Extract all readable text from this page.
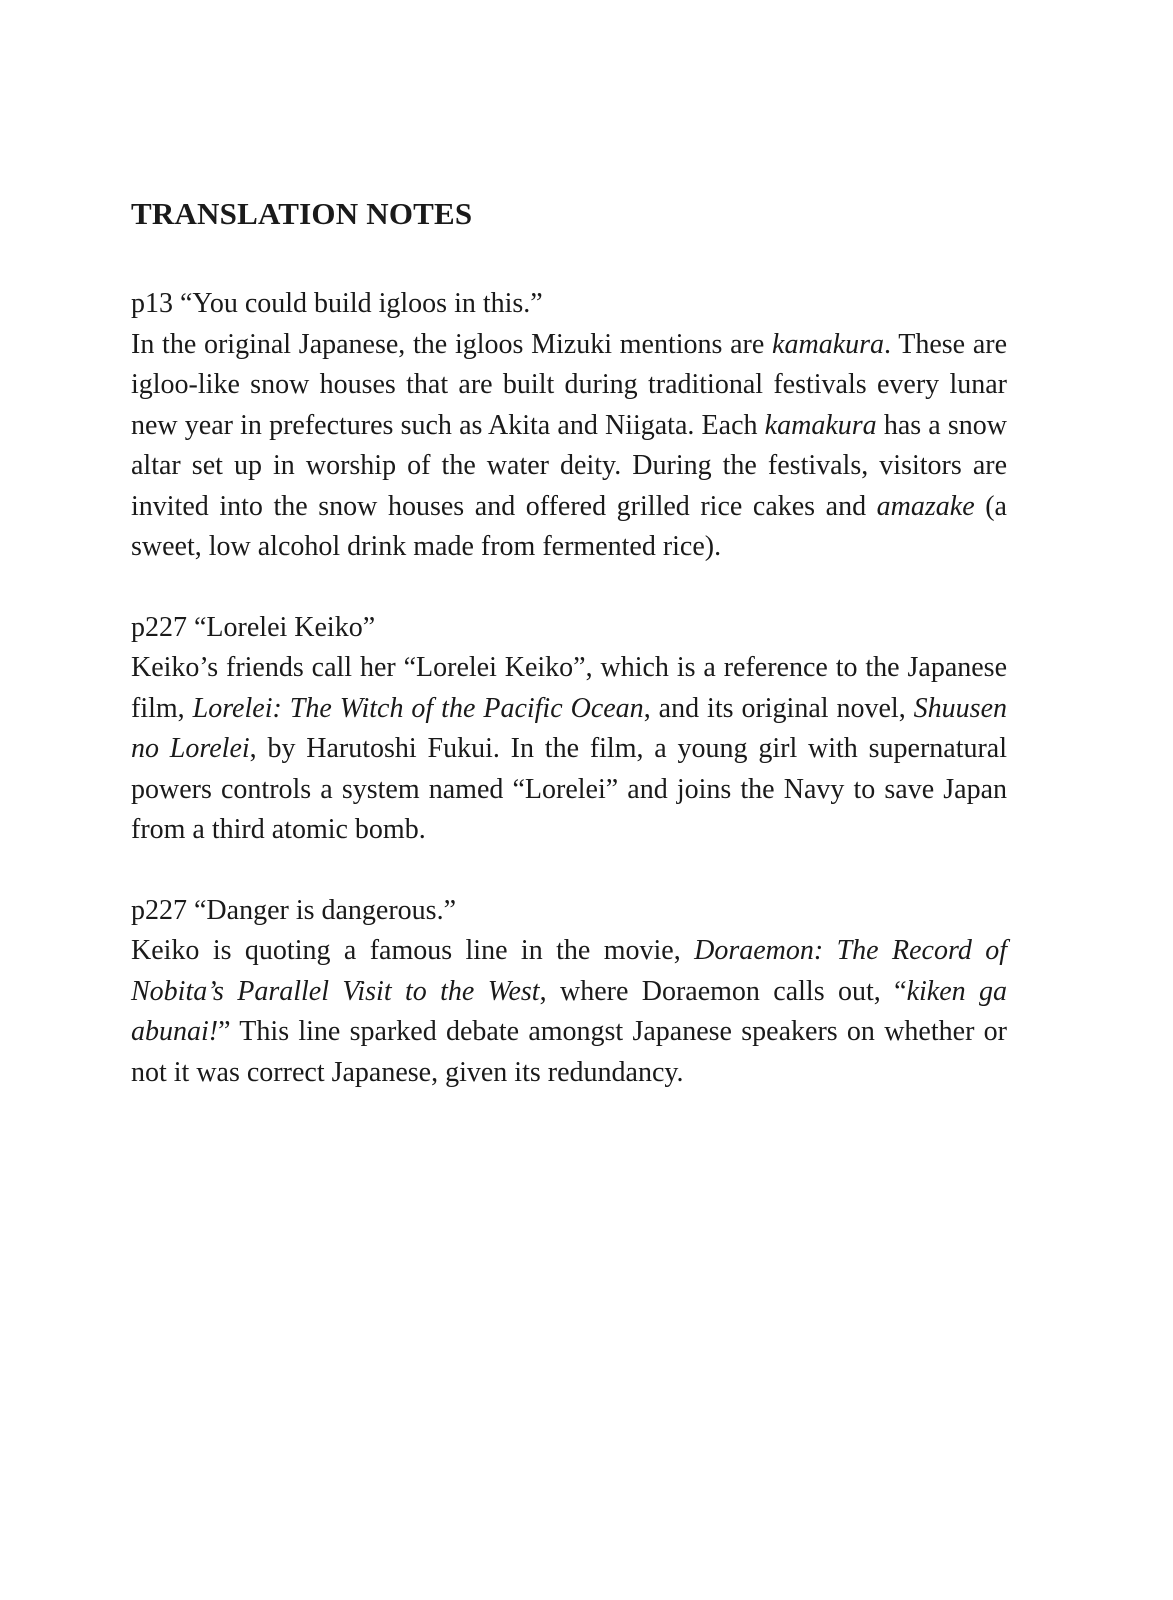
TRANSLATION NOTES

p13 “You could build igloos in this.”

In the original Japanese, the igloos Mizuki mentions are kamakura. These are igloo-like snow houses that are built during traditional festivals every lunar new year in prefectures such as Akita and Niigata. Each kamakura has a snow altar set up in worship of the water deity. During the festivals, visitors are invited into the snow houses and offered grilled rice cakes and amazake (a sweet, low alcohol drink made from fermented rice).

p227 “Lorelei Keiko”

Keiko’s friends call her “Lorelei Keiko”, which is a reference to the Japanese film, Lorelei: The Witch of the Pacific Ocean, and its original novel, Shuusen no Lorelei, by Harutoshi Fukui. In the film, a young girl with supernatural powers controls a system named “Lorelei” and joins the Navy to save Japan from a third atomic bomb.

p227 “Danger is dangerous.”

Keiko is quoting a famous line in the movie, Doraemon: The Record of Nobita’s Parallel Visit to the West, where Doraemon calls out, “kiken ga abunai!” This line sparked debate amongst Japanese speakers on whether or not it was correct Japanese, given its redundancy.
